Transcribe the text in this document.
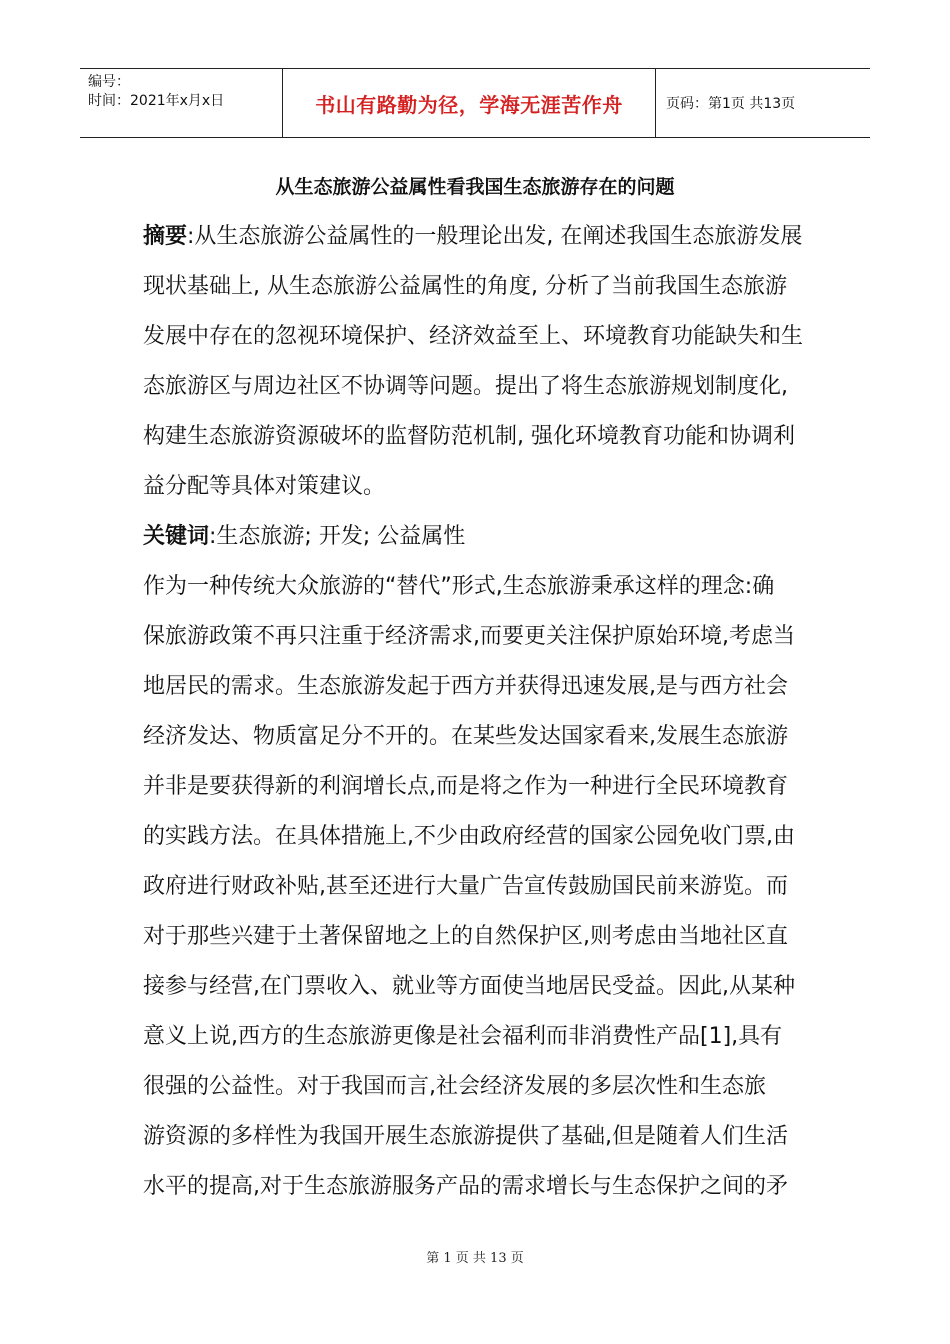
编号：
时间：2021年x月x日	书山有路勤为径，学海无涯苦作舟	页码：第1页 共13页
从生态旅游公益属性看我国生态旅游存在的问题

摘要:从生态旅游公益属性的一般理论出发, 在阐述我国生态旅游发展现状基础上, 从生态旅游公益属性的角度, 分析了当前我国生态旅游发展中存在的忽视环境保护、经济效益至上、环境教育功能缺失和生态旅游区与周边社区不协调等问题。提出了将生态旅游规划制度化, 构建生态旅游资源破坏的监督防范机制, 强化环境教育功能和协调利益分配等具体对策建议。

关键词:生态旅游; 开发; 公益属性

作为一种传统大众旅游的“替代”形式,生态旅游秉承这样的理念:确
保旅游政策不再只注重于经济需求,而要更关注保护原始环境,考虑当
地居民的需求。生态旅游发起于西方并获得迅速发展,是与西方社会
经济发达、物质富足分不开的。在某些发达国家看来,发展生态旅游
并非是要获得新的利润增长点,而是将之作为一种进行全民环境教育
的实践方法。在具体措施上,不少由政府经营的国家公园免收门票,由
政府进行财政补贴,甚至还进行大量广告宣传鼓励国民前来游览。而
对于那些兴建于土著保留地之上的自然保护区,则考虑由当地社区直
接参与经营,在门票收入、就业等方面使当地居民受益。因此,从某种
意义上说,西方的生态旅游更像是社会福利而非消费性产品[1],具有
很强的公益性。对于我国而言,社会经济发展的多层次性和生态旅
游资源的多样性为我国开展生态旅游提供了基础,但是随着人们生活
水平的提高,对于生态旅游服务产品的需求增长与生态保护之间的矛
第 1 页 共 13 页
